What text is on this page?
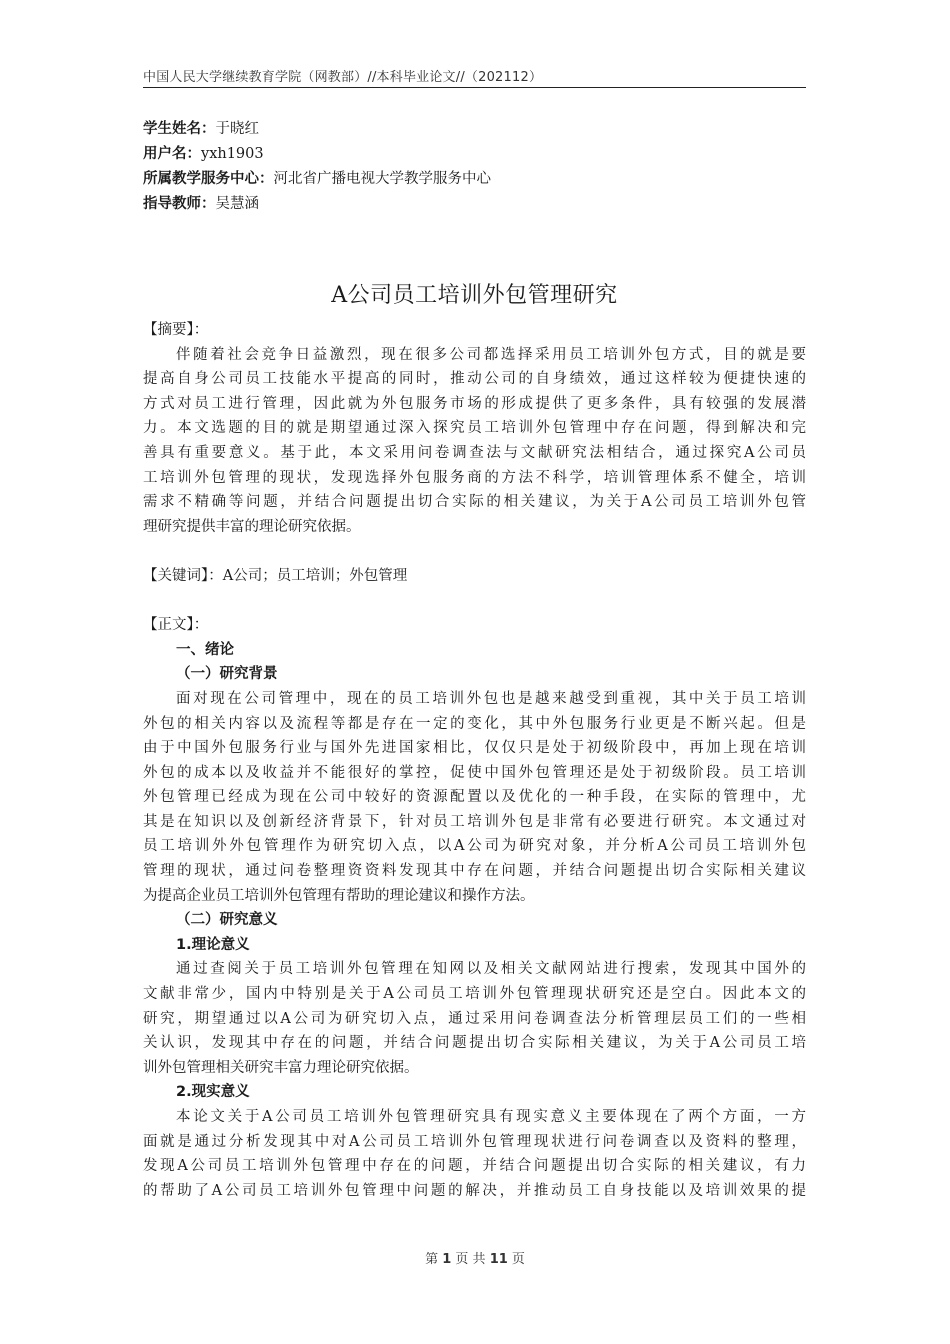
中国人民大学继续教育学院（网教部）//本科毕业论文//（202112）
学生姓名：于晓红
用户名：yxh1903
所属教学服务中心：河北省广播电视大学教学服务中心
指导教师：吴慧涵
A公司员工培训外包管理研究
【摘要】：
伴随着社会竞争日益激烈，现在很多公司都选择采用员工培训外包方式，目的就是要
提高自身公司员工技能水平提高的同时，推动公司的自身绩效，通过这样较为便捷快速的
方式对员工进行管理，因此就为外包服务市场的形成提供了更多条件，具有较强的发展潜
力。本文选题的目的就是期望通过深入探究员工培训外包管理中存在问题，得到解决和完
善具有重要意义。基于此，本文采用问卷调查法与文献研究法相结合，通过探究A公司员
工培训外包管理的现状，发现选择外包服务商的方法不科学，培训管理体系不健全，培训
需求不精确等问题，并结合问题提出切合实际的相关建议，为关于A公司员工培训外包管
理研究提供丰富的理论研究依据。
【关键词】：A公司；员工培训；外包管理
【正文】：
一、绪论
（一）研究背景
面对现在公司管理中，现在的员工培训外包也是越来越受到重视，其中关于员工培训
外包的相关内容以及流程等都是存在一定的变化，其中外包服务行业更是不断兴起。但是
由于中国外包服务行业与国外先进国家相比，仅仅只是处于初级阶段中，再加上现在培训
外包的成本以及收益并不能很好的掌控，促使中国外包管理还是处于初级阶段。员工培训
外包管理已经成为现在公司中较好的资源配置以及优化的一种手段，在实际的管理中，尤
其是在知识以及创新经济背景下，针对员工培训外包是非常有必要进行研究。本文通过对
员工培训外外包管理作为研究切入点，以A公司为研究对象，并分析A公司员工培训外包
管理的现状，通过问卷整理资资料发现其中存在问题，并结合问题提出切合实际相关建议
为提高企业员工培训外包管理有帮助的理论建议和操作方法。
（二）研究意义
1.理论意义
通过查阅关于员工培训外包管理在知网以及相关文献网站进行搜索，发现其中国外的
文献非常少，国内中特别是关于A公司员工培训外包管理现状研究还是空白。因此本文的
研究，期望通过以A公司为研究切入点，通过采用问卷调查法分析管理层员工们的一些相
关认识，发现其中存在的问题，并结合问题提出切合实际相关建议，为关于A公司员工培
训外包管理相关研究丰富力理论研究依据。
2.现实意义
本论文关于A公司员工培训外包管理研究具有现实意义主要体现在了两个方面，一方
面就是通过分析发现其中对A公司员工培训外包管理现状进行问卷调查以及资料的整理，
发现A公司员工培训外包管理中存在的问题，并结合问题提出切合实际的相关建议，有力
的帮助了A公司员工培训外包管理中问题的解决，并推动员工自身技能以及培训效果的提
第 1 页 共 11 页
